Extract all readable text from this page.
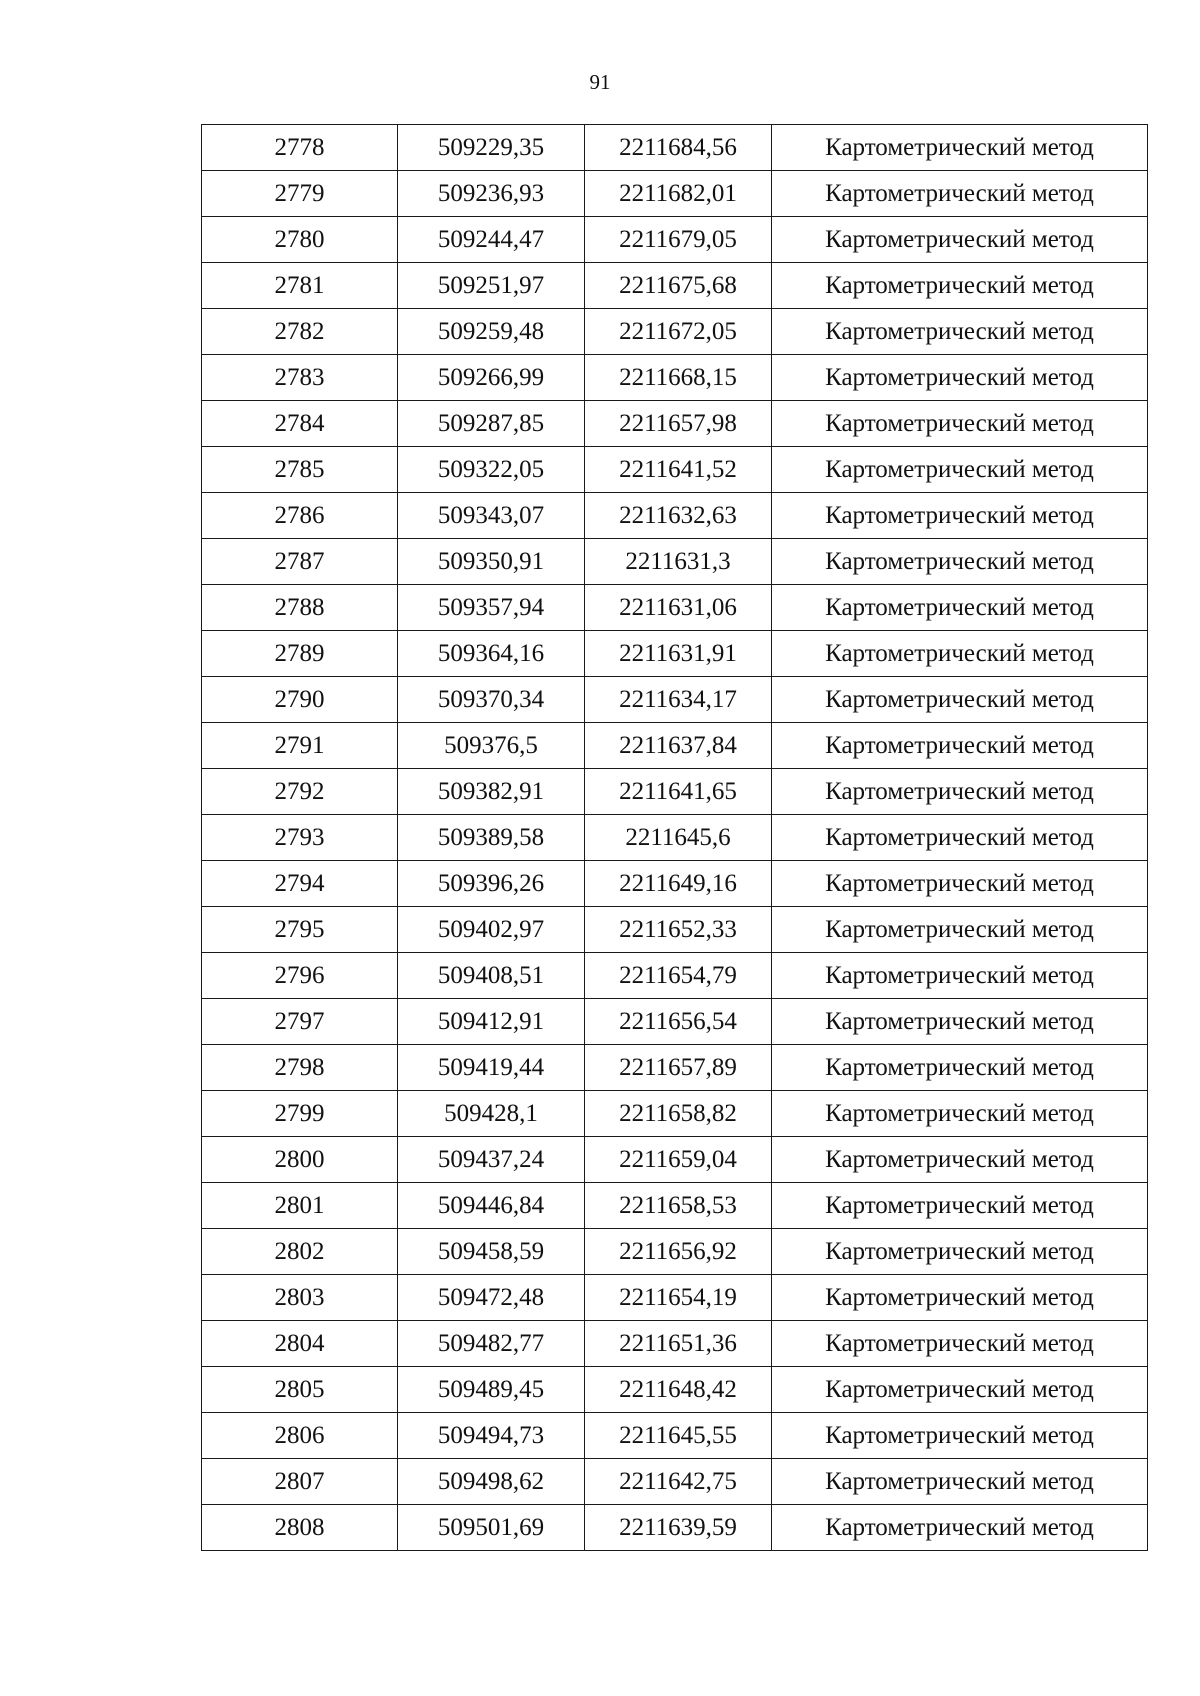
91
2778	509229,35	2211684,56	Картометрический метод
2779	509236,93	2211682,01	Картометрический метод
2780	509244,47	2211679,05	Картометрический метод
2781	509251,97	2211675,68	Картометрический метод
2782	509259,48	2211672,05	Картометрический метод
2783	509266,99	2211668,15	Картометрический метод
2784	509287,85	2211657,98	Картометрический метод
2785	509322,05	2211641,52	Картометрический метод
2786	509343,07	2211632,63	Картометрический метод
2787	509350,91	2211631,3	Картометрический метод
2788	509357,94	2211631,06	Картометрический метод
2789	509364,16	2211631,91	Картометрический метод
2790	509370,34	2211634,17	Картометрический метод
2791	509376,5	2211637,84	Картометрический метод
2792	509382,91	2211641,65	Картометрический метод
2793	509389,58	2211645,6	Картометрический метод
2794	509396,26	2211649,16	Картометрический метод
2795	509402,97	2211652,33	Картометрический метод
2796	509408,51	2211654,79	Картометрический метод
2797	509412,91	2211656,54	Картометрический метод
2798	509419,44	2211657,89	Картометрический метод
2799	509428,1	2211658,82	Картометрический метод
2800	509437,24	2211659,04	Картометрический метод
2801	509446,84	2211658,53	Картометрический метод
2802	509458,59	2211656,92	Картометрический метод
2803	509472,48	2211654,19	Картометрический метод
2804	509482,77	2211651,36	Картометрический метод
2805	509489,45	2211648,42	Картометрический метод
2806	509494,73	2211645,55	Картометрический метод
2807	509498,62	2211642,75	Картометрический метод
2808	509501,69	2211639,59	Картометрический метод
